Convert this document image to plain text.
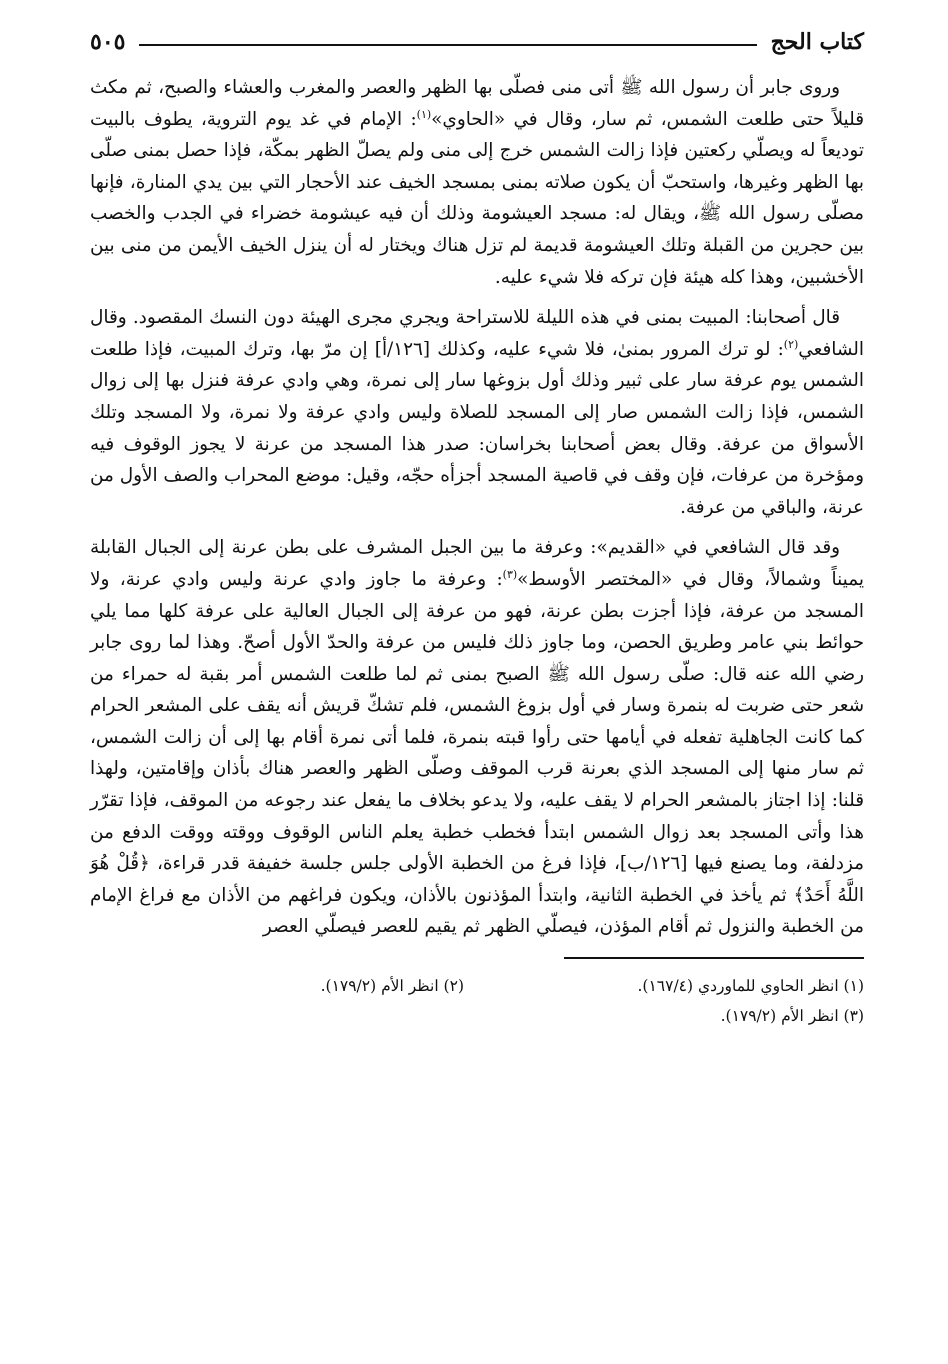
كتاب الحج
٥٠٥

وروى جابر أن رسول الله ﷺ أتى منى فصلّى بها الظهر والعصر والمغرب والعشاء والصبح، ثم مكث قليلاً حتى طلعت الشمس، ثم سار، وقال في «الحاوي»$^{(١)}$: الإمام في غد يوم التروية، يطوف بالبيت توديعاً له ويصلّي ركعتين فإذا زالت الشمس خرج إلى منى ولم يصلّ الظهر بمكّة، فإذا حصل بمنى صلّى بها الظهر وغيرها، واستحبّ أن يكون صلاته بمنى بمسجد الخيف عند الأحجار التي بين يدي المنارة، فإنها مصلّى رسول الله ﷺ، ويقال له: مسجد العيشومة وذلك أن فيه عيشومة خضراء في الجدب والخصب بين حجرين من القبلة وتلك العيشومة قديمة لم تزل هناك ويختار له أن ينزل الخيف الأيمن من منى بين الأخشبين، وهذا كله هيئة فإن تركه فلا شيء عليه.

قال أصحابنا: المبيت بمنى في هذه الليلة للاستراحة ويجري مجرى الهيئة دون النسك المقصود. وقال الشافعي$^{(٢)}$: لو ترك المرور بمنىٰ، فلا شيء عليه، وكذلك [١٢٦/أ] إن مرّ بها، وترك المبيت، فإذا طلعت الشمس يوم عرفة سار على ثبير وذلك أول بزوغها سار إلى نمرة، وهي وادي عرفة فنزل بها إلى زوال الشمس، فإذا زالت الشمس صار إلى المسجد للصلاة وليس وادي عرفة ولا نمرة، ولا المسجد وتلك الأسواق من عرفة. وقال بعض أصحابنا بخراسان: صدر هذا المسجد من عرنة لا يجوز الوقوف فيه ومؤخرة من عرفات، فإن وقف في قاصية المسجد أجزأه حجّه، وقيل: موضع المحراب والصف الأول من عرنة، والباقي من عرفة.

وقد قال الشافعي في «القديم»: وعرفة ما بين الجبل المشرف على بطن عرنة إلى الجبال القابلة يميناً وشمالاً، وقال في «المختصر الأوسط»$^{(٣)}$: وعرفة ما جاوز وادي عرنة وليس وادي عرنة، ولا المسجد من عرفة، فإذا أجزت بطن عرنة، فهو من عرفة إلى الجبال العالية على عرفة كلها مما يلي حوائط بني عامر وطريق الحصن، وما جاوز ذلك فليس من عرفة والحدّ الأول أصحّ. وهذا لما روى جابر رضي الله عنه قال: صلّى رسول الله ﷺ الصبح بمنى ثم لما طلعت الشمس أمر بقبة له حمراء من شعر حتى ضربت له بنمرة وسار في أول بزوغ الشمس، فلم تشكّ قريش أنه يقف على المشعر الحرام كما كانت الجاهلية تفعله في أيامها حتى رأوا قبته بنمرة، فلما أتى نمرة أقام بها إلى أن زالت الشمس، ثم سار منها إلى المسجد الذي بعرنة قرب الموقف وصلّى الظهر والعصر هناك بأذان وإقامتين، ولهذا قلنا: إذا اجتاز بالمشعر الحرام لا يقف عليه، ولا يدعو بخلاف ما يفعل عند رجوعه من الموقف، فإذا تقرّر هذا وأتى المسجد بعد زوال الشمس ابتدأ فخطب خطبة يعلم الناس الوقوف ووقته ووقت الدفع من مزدلفة، وما يصنع فيها [١٢٦/ب]، فإذا فرغ من الخطبة الأولى جلس جلسة خفيفة قدر قراءة، ﴿قُلْ هُوَ اللَّهُ أَحَدٌ﴾ ثم يأخذ في الخطبة الثانية، وابتدأ المؤذنون بالأذان، ويكون فراغهم من الأذان مع فراغ الإمام من الخطبة والنزول ثم أقام المؤذن، فيصلّي الظهر ثم يقيم للعصر فيصلّي العصر

(١) انظر الحاوي للماوردي (١٦٧/٤).
(٢) انظر الأم (١٧٩/٢).
(٣) انظر الأم (١٧٩/٢).
